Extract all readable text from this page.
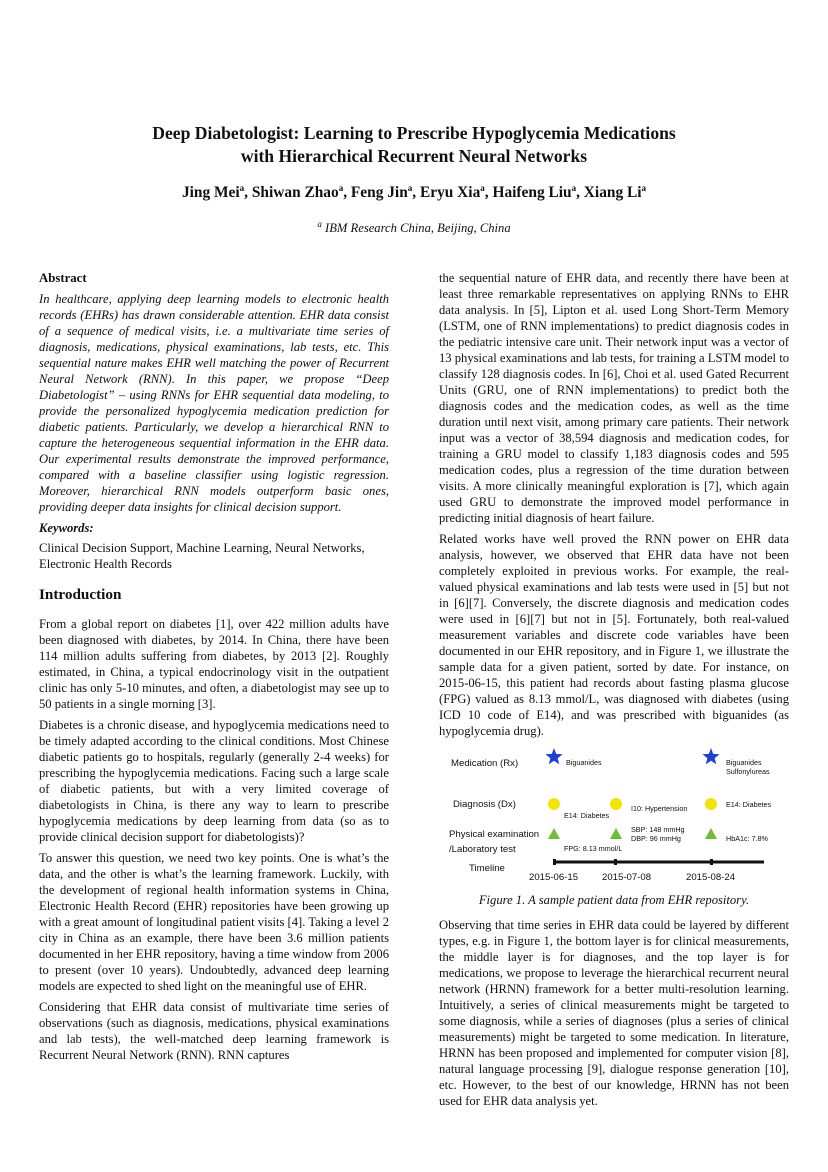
Deep Diabetologist: Learning to Prescribe Hypoglycemia Medications
with Hierarchical Recurrent Neural Networks
Jing Mei$^a$, Shiwan Zhao$^a$, Feng Jin$^a$, Eryu Xia$^a$, Haifeng Liu$^a$, Xiang Li$^a$
$^a$ IBM Research China, Beijing, China
Abstract

In healthcare, applying deep learning models to electronic health records (EHRs) has drawn considerable attention. EHR data consist of a sequence of medical visits, i.e. a multivariate time series of diagnosis, medications, physical examinations, lab tests, etc. This sequential nature makes EHR well matching the power of Recurrent Neural Network (RNN). In this paper, we propose “Deep Diabetologist” – using RNNs for EHR sequential data modeling, to provide the personalized hypoglycemia medication prediction for diabetic patients. Particularly, we develop a hierarchical RNN to capture the heterogeneous sequential information in the EHR data. Our experimental results demonstrate the improved performance, compared with a baseline classifier using logistic regression. Moreover, hierarchical RNN models outperform basic ones, providing deeper data insights for clinical decision support.

Keywords:

Clinical Decision Support, Machine Learning, Neural Networks, Electronic Health Records

Introduction

From a global report on diabetes [1], over 422 million adults have been diagnosed with diabetes, by 2014. In China, there have been 114 million adults suffering from diabetes, by 2013 [2]. Roughly estimated, in China, a typical endocrinology visit in the outpatient clinic has only 5-10 minutes, and often, a diabetologist may see up to 50 patients in a single morning [3].

Diabetes is a chronic disease, and hypoglycemia medications need to be timely adapted according to the clinical conditions. Most Chinese diabetic patients go to hospitals, regularly (generally 2-4 weeks) for prescribing the hypoglycemia medications. Facing such a large scale of diabetic patients, but with a very limited coverage of diabetologists in China, is there any way to learn to prescribe hypoglycemia medications by deep learning from data (so as to provide clinical decision support for diabetologists)?

To answer this question, we need two key points. One is what’s the data, and the other is what’s the learning framework. Luckily, with the development of regional health information systems in China, Electronic Health Record (EHR) repositories have been growing up with a great amount of longitudinal patient visits [4]. Taking a level 2 city in China as an example, there have been 3.6 million patients documented in her EHR repository, having a time window from 2006 to present (over 10 years). Undoubtedly, advanced deep learning models are expected to shed light on the meaningful use of EHR.

Considering that EHR data consist of multivariate time series of observations (such as diagnosis, medications, physical examinations and lab tests), the well-matched deep learning framework is Recurrent Neural Network (RNN). RNN captures

the sequential nature of EHR data, and recently there have been at least three remarkable representatives on applying RNNs to EHR data analysis. In [5], Lipton et al. used Long Short-Term Memory (LSTM, one of RNN implementations) to predict diagnosis codes in the pediatric intensive care unit. Their network input was a vector of 13 physical examinations and lab tests, for training a LSTM model to classify 128 diagnosis codes. In [6], Choi et al. used Gated Recurrent Units (GRU, one of RNN implementations) to predict both the diagnosis codes and the medication codes, as well as the time duration until next visit, among primary care patients. Their network input was a vector of 38,594 diagnosis and medication codes, for training a GRU model to classify 1,183 diagnosis codes and 595 medication codes, plus a regression of the time duration between visits. A more clinically meaningful exploration is [7], which again used GRU to demonstrate the improved model performance in predicting initial diagnosis of heart failure.

Related works have well proved the RNN power on EHR data analysis, however, we observed that EHR data have not been completely exploited in previous works. For example, the real-valued physical examinations and lab tests were used in [5] but not in [6][7]. Conversely, the discrete diagnosis and medication codes were used in [6][7] but not in [5]. Fortunately, both real-valued measurement variables and discrete code variables have been documented in our EHR repository, and in Figure 1, we illustrate the sample data for a given patient, sorted by date. For instance, on 2015-06-15, this patient had records about fasting plasma glucose (FPG) valued as 8.13 mmol/L, was diagnosed with diabetes (using ICD 10 code of E14), and was prescribed with biguanides (as hypoglycemia drug).

Medication (Rx)
Diagnosis (Dx)
Physical examination
/Laboratory test
Timeline
Biguanides	Biguanides
Sulfonylureas
E14: Diabetes
I10: Hypertension	E14: Diabetes
FPG: 8.13 mmol/L
SBP: 148 mmHg
DBP: 96 mmHg	HbA1c: 7.8%
2015-06-15 2015-07-08	2015-08-24
Figure 1. A sample patient data from EHR repository.

Observing that time series in EHR data could be layered by different types, e.g. in Figure 1, the bottom layer is for clinical measurements, the middle layer is for diagnoses, and the top layer is for medications, we propose to leverage the hierarchical recurrent neural network (HRNN) framework for a better multi-resolution learning. Intuitively, a series of clinical measurements might be targeted to some diagnosis, while a series of diagnoses (plus a series of clinical measurements) might be targeted to some medication. In literature, HRNN has been proposed and implemented for computer vision [8], natural language processing [9], dialogue response generation [10], etc. However, to the best of our knowledge, HRNN has not been used for EHR data analysis yet.
